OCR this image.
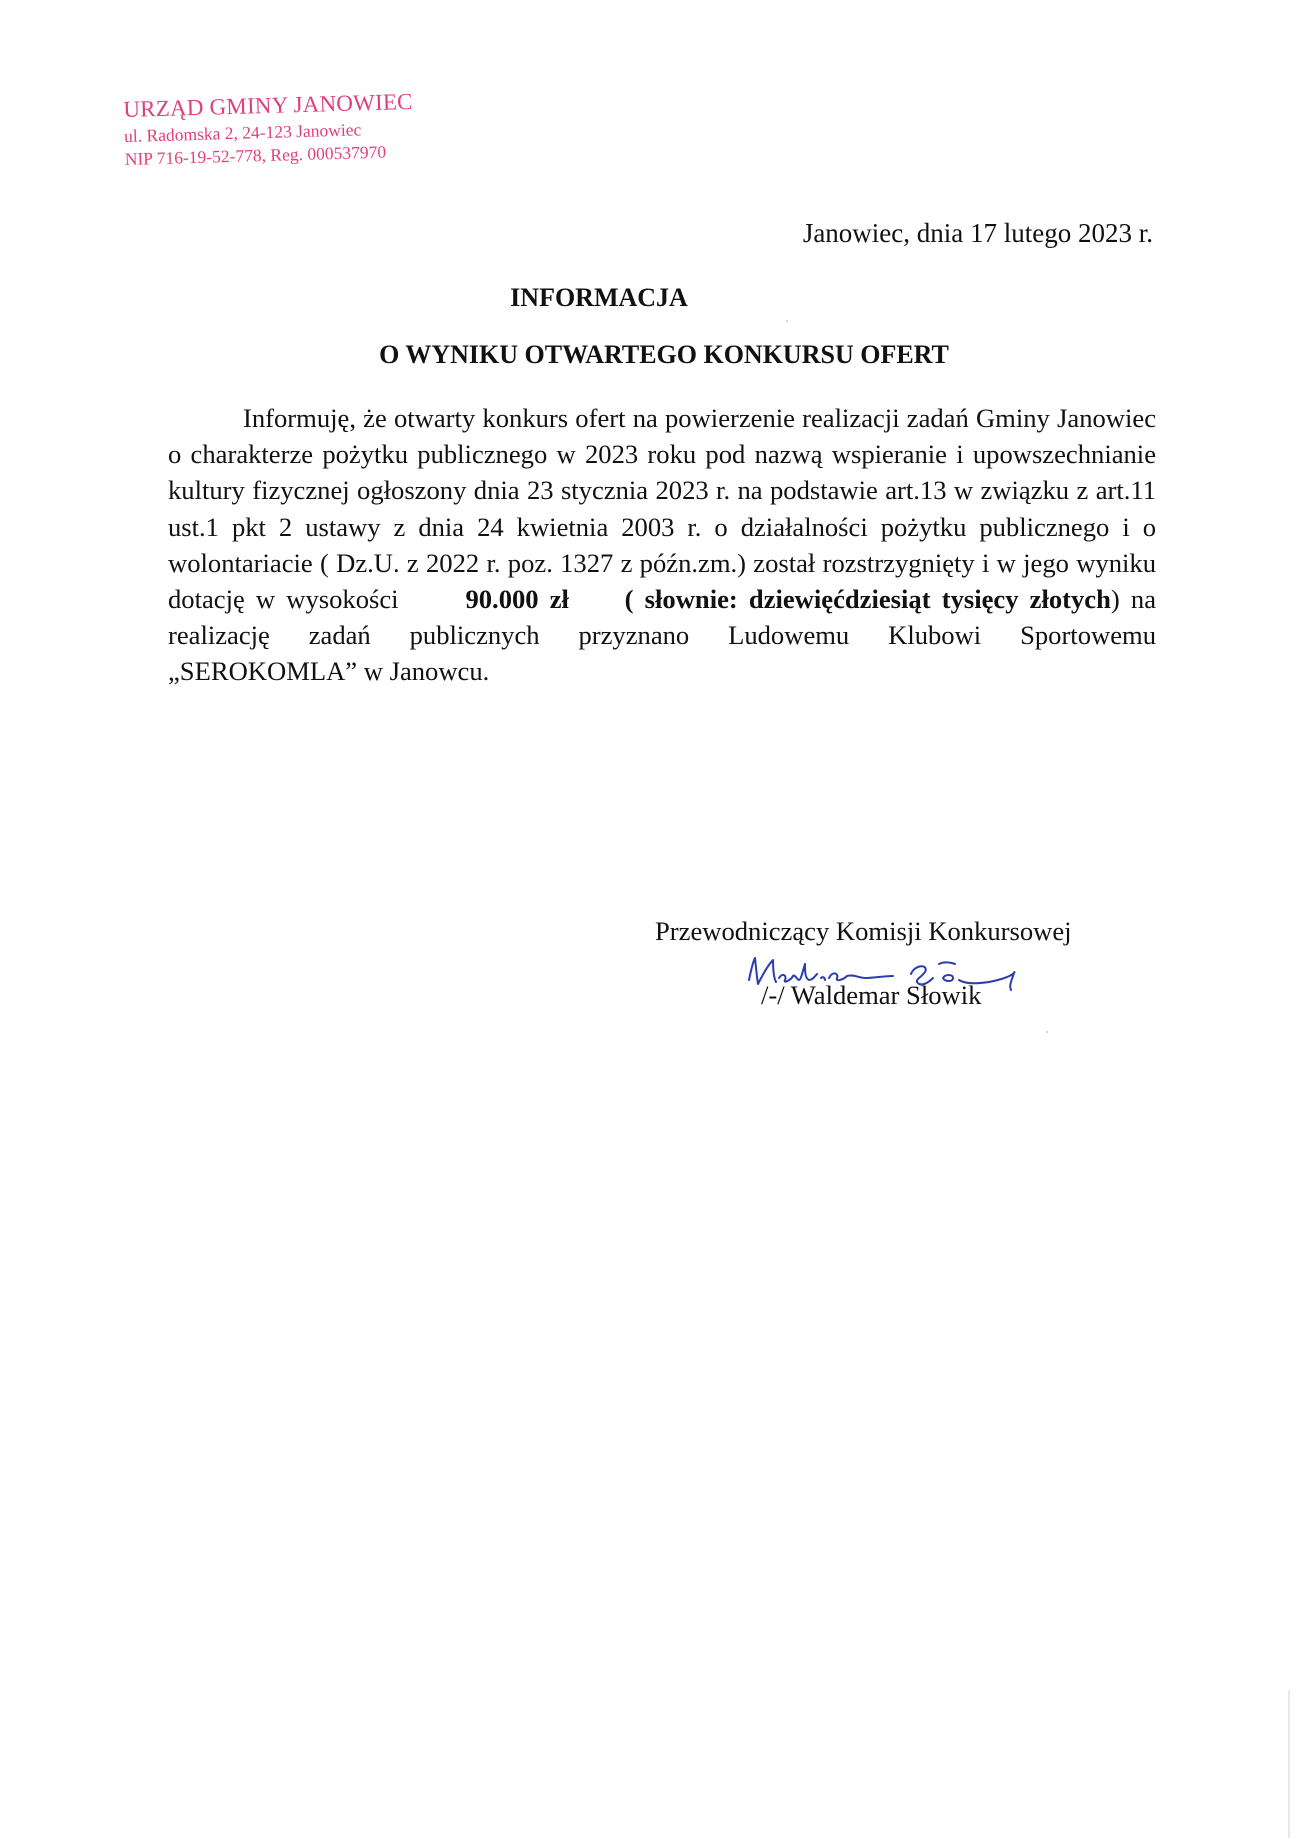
URZĄD GMINY JANOWIEC
ul. Radomska 2, 24-123 Janowiec
NIP 716-19-52-778, Reg. 000537970
Janowiec, dnia 17 lutego 2023 r.
INFORMACJA
O WYNIKU OTWARTEGO KONKURSU OFERT

Informuję, że otwarty konkurs ofert na powierzenie realizacji zadań Gminy Janowiec o charakterze pożytku publicznego w 2023 roku pod nazwą wspieranie i upowszechnianie kultury fizycznej ogłoszony dnia 23 stycznia 2023 r. na podstawie art.13 w związku z art.11 ust.1 pkt 2 ustawy z dnia 24 kwietnia 2003 r. o działalności pożytku publicznego i o wolontariacie ( Dz.U. z 2022 r. poz. 1327 z późn.zm.) został rozstrzygnięty i w jego wyniku dotację w wysokości	90.000 zł ( słownie: dziewięćdziesiąt tysięcy złotych) na realizację zadań publicznych przyznano Ludowemu Klubowi Sportowemu „SEROKOMLA” w Janowcu.

Przewodniczący Komisji Konkursowej
/-/ Waldemar Słowik
